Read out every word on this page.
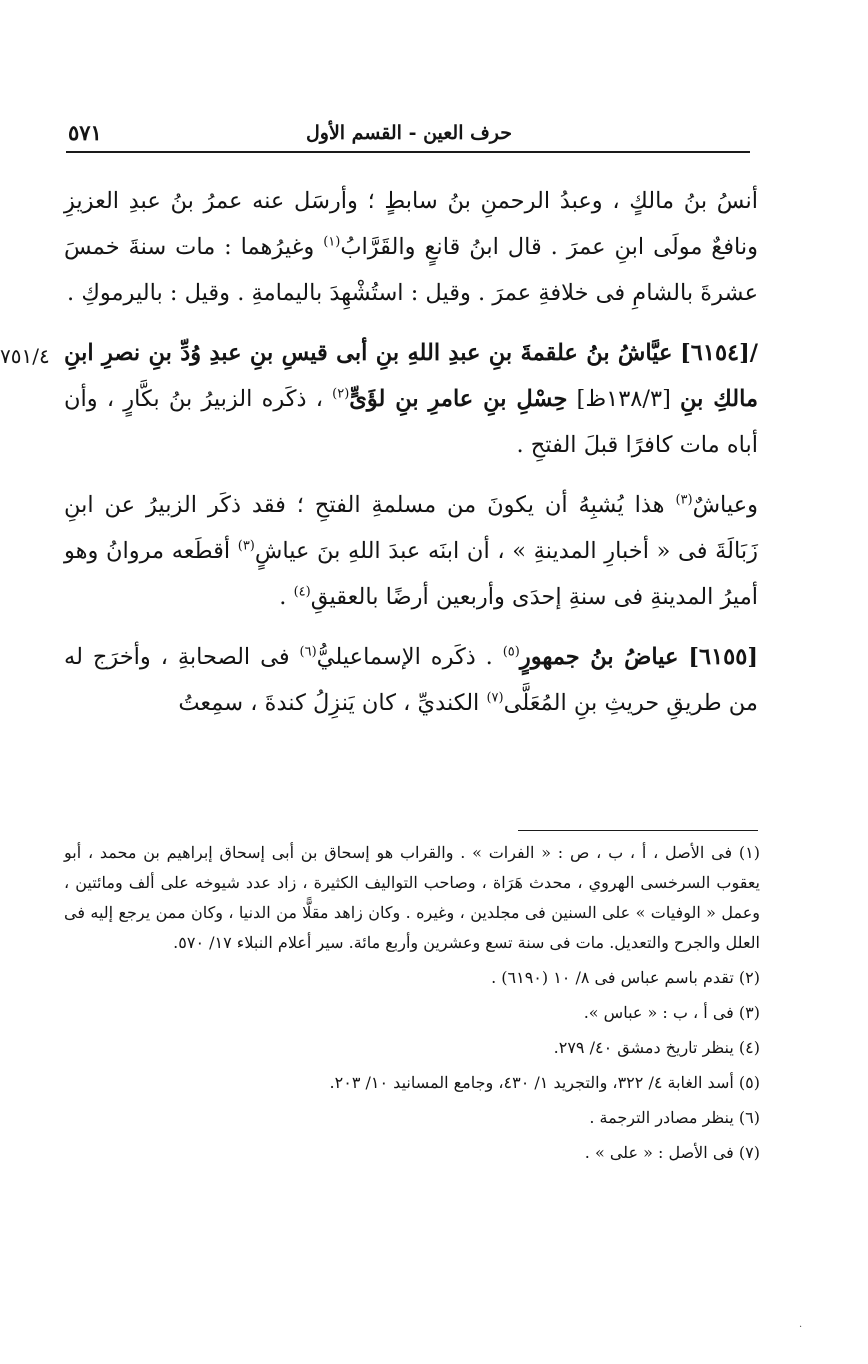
حرف العين - القسم الأول
٥٧١
٧٥١/٤

أنسُ بنُ مالكٍ ، وعبدُ الرحمنِ بنُ سابطٍ ؛ وأرسَل عنه عمرُ بنُ عبدِ العزيزِ ونافعٌ مولَى ابنِ عمرَ . قال ابنُ قانعٍ والقَرَّابُ$^{(١)}$ وغيرُهما : مات سنةَ خمسَ عشرةَ بالشامِ فى خلافةِ عمرَ . وقيل : استُشْهِدَ باليمامةِ . وقيل : باليرموكِ .

/[٦١٥٤] عيَّاشُ بنُ علقمةَ بنِ عبدِ اللهِ بنِ أبى قيسِ بنِ عبدِ وُدِّ بنِ نصرِ ابنِ مالكِ بنِ [١٣٨/٣ظ] حِسْلِ بنِ عامرِ بنِ لؤَىٍّ$^{(٢)}$ ، ذكَره الزبيرُ بنُ بكَّارٍ ، وأن أباه مات كافرًا قبلَ الفتحِ .

وعياشٌ$^{(٣)}$ هذا يُشبِهُ أن يكونَ من مسلمةِ الفتحِ ؛ فقد ذكَر الزبيرُ عن ابنِ زَبَالَةَ فى « أخبارِ المدينةِ » ، أن ابنَه عبدَ اللهِ بنَ عياشٍ$^{(٣)}$ أقطَعه مروانُ وهو أميرُ المدينةِ فى سنةِ إحدَى وأربعين أرضًا بالعقيقِ$^{(٤)}$ .

[٦١٥٥] عياضُ بنُ جمهورٍ$^{(٥)}$ . ذكَره الإسماعيليُّ$^{(٦)}$ فى الصحابةِ ، وأخرَج له من طريقِ حريثِ بنِ المُعَلَّى$^{(٧)}$ الكنديِّ ، كان يَنزِلُ كندةَ ، سمِعتُ

(١) فى الأصل ، أ ، ب ، ص : « الفرات » . والقراب هو إسحاق بن أبى إسحاق إبراهيم بن محمد ، أبو يعقوب السرخسى الهروي ، محدث هَرَاة ، وصاحب التواليف الكثيرة ، زاد عدد شيوخه على ألف ومائتين ، وعمل « الوفيات » على السنين فى مجلدين ، وغيره . وكان زاهد مقلًّا من الدنيا ، وكان ممن يرجع إليه فى العلل والجرح والتعديل. مات فى سنة تسع وعشرين وأربع مائة. سير أعلام النبلاء ١٧/ ٥٧٠.

(٢) تقدم باسم عباس فى ٨/ ١٠ (٦١٩٠) .

(٣) فى أ ، ب : « عباس ».

(٤) ينظر تاريخ دمشق ٤٠/ ٢٧٩.

(٥) أسد الغابة ٤/ ٣٢٢، والتجريد ١/ ٤٣٠، وجامع المسانيد ١٠/ ٢٠٣.

(٦) ينظر مصادر الترجمة .

(٧) فى الأصل : « على » .

·
